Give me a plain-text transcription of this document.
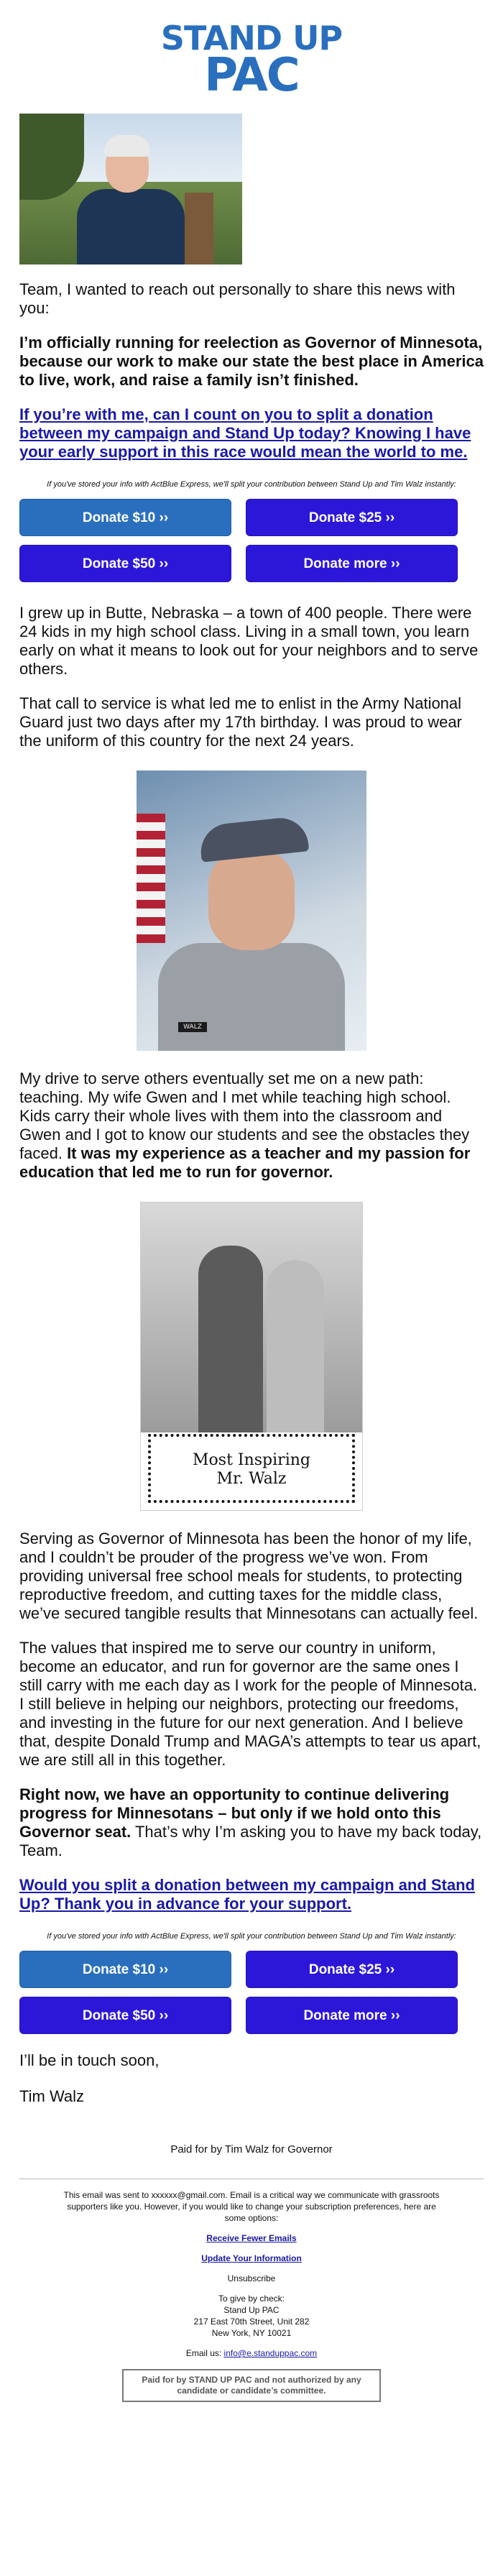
STAND UP
PAC

Team, I wanted to reach out personally to share this news with you:

I’m officially running for reelection as Governor of Minnesota, because our work to make our state the best place in America to live, work, and raise a family isn’t finished.

If you’re with me, can I count on you to split a donation between my campaign and Stand Up today? Knowing I have your early support in this race would mean the world to me.

If you've stored your info with ActBlue Express, we'll split your contribution between Stand Up and Tim Walz instantly:

Donate $10 ››	Donate $25 ››
Donate $50 ››	Donate more ››

I grew up in Butte, Nebraska – a town of 400 people. There were 24 kids in my high school class. Living in a small town, you learn early on what it means to look out for your neighbors and to serve others.

That call to service is what led me to enlist in the Army National Guard just two days after my 17th birthday. I was proud to wear the uniform of this country for the next 24 years.

WALZ

My drive to serve others eventually set me on a new path: teaching. My wife Gwen and I met while teaching high school. Kids carry their whole lives with them into the classroom and Gwen and I got to know our students and see the obstacles they faced. It was my experience as a teacher and my passion for education that led me to run for governor.

Most Inspiring
Mr. Walz

Serving as Governor of Minnesota has been the honor of my life, and I couldn’t be prouder of the progress we’ve won. From providing universal free school meals for students, to protecting reproductive freedom, and cutting taxes for the middle class, we’ve secured tangible results that Minnesotans can actually feel.

The values that inspired me to serve our country in uniform, become an educator, and run for governor are the same ones I still carry with me each day as I work for the people of Minnesota. I still believe in helping our neighbors, protecting our freedoms, and investing in the future for our next generation. And I believe that, despite Donald Trump and MAGA’s attempts to tear us apart, we are still all in this together.

Right now, we have an opportunity to continue delivering progress for Minnesotans – but only if we hold onto this Governor seat. That’s why I’m asking you to have my back today, Team.

Would you split a donation between my campaign and Stand Up? Thank you in advance for your support.

If you've stored your info with ActBlue Express, we'll split your contribution between Stand Up and Tim Walz instantly:

Donate $10 ››	Donate $25 ››
Donate $50 ››	Donate more ››

I’ll be in touch soon,

Tim Walz

Paid for by Tim Walz for Governor

This email was sent to xxxxxx@gmail.com. Email is a critical way we communicate with grassroots supporters like you. However, if you would like to change your subscription preferences, here are some options:

Receive Fewer Emails
Update Your Information

Unsubscribe

To give by check:

Stand Up PAC

217 East 70th Street, Unit 282

New York, NY 10021

Email us: info@e.standuppac.com

Paid for by STAND UP PAC and not authorized by any candidate or candidate’s committee.
